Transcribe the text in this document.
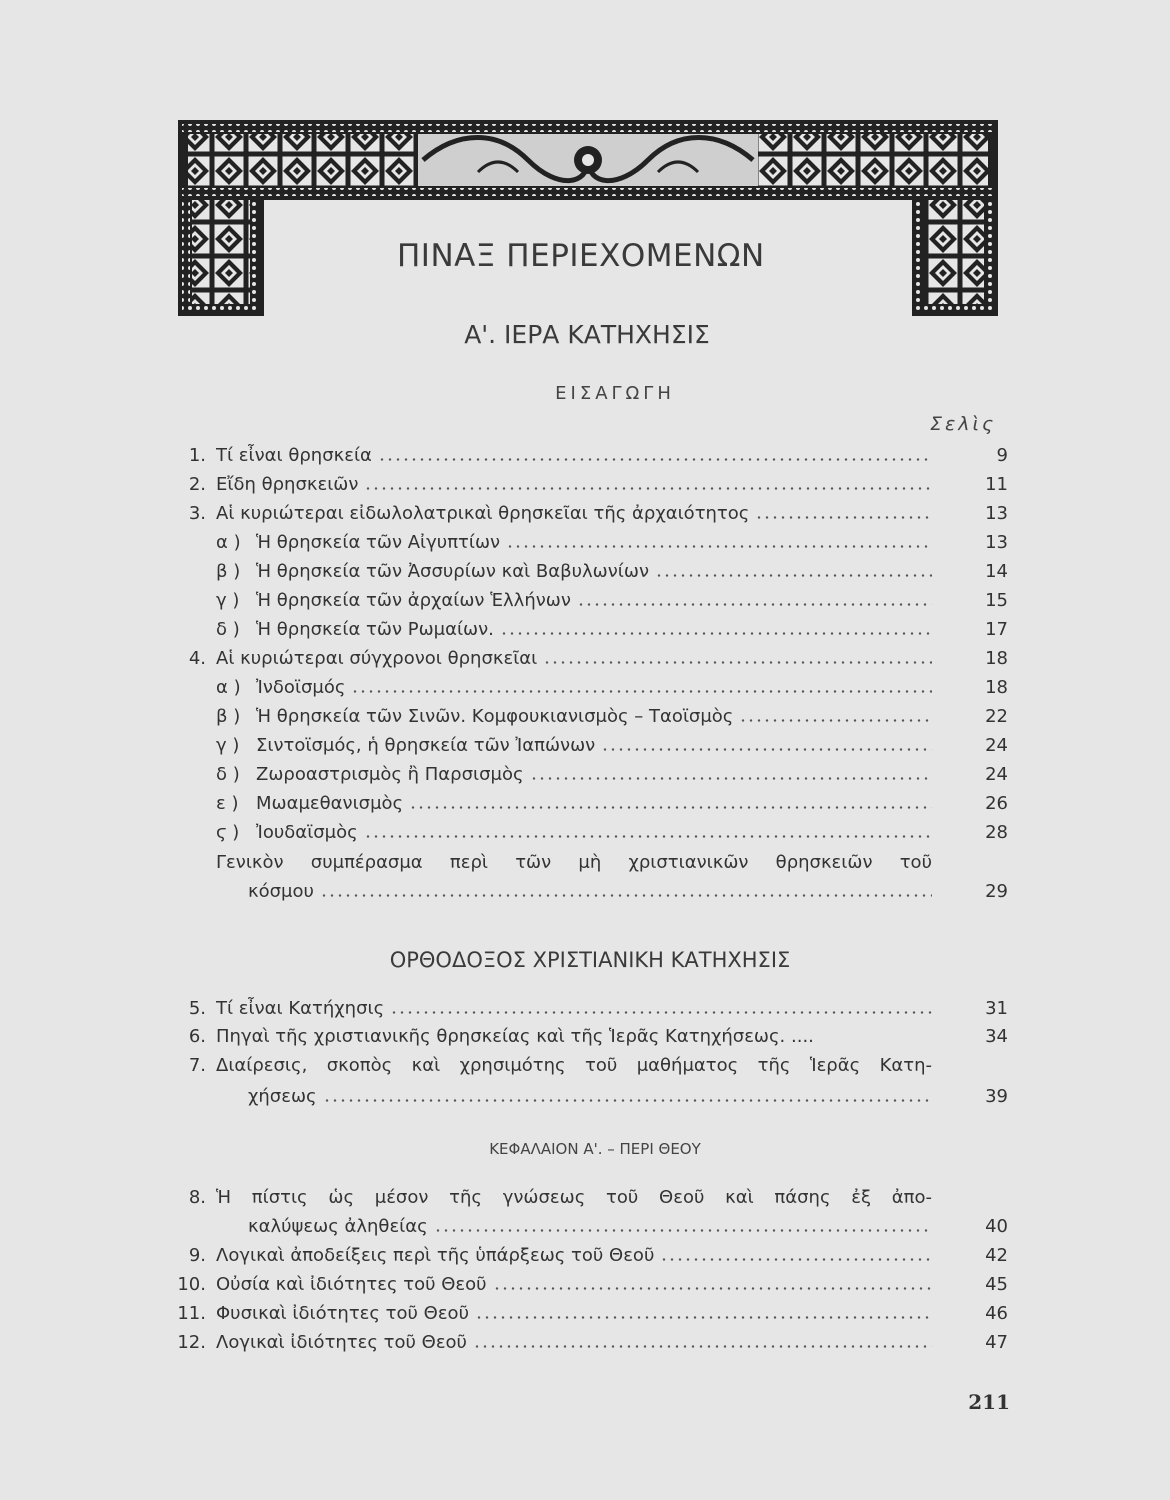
ΠΙΝΑΞ ΠΕΡΙΕΧΟΜΕΝΩΝ
Α'. ΙΕΡΑ ΚΑΤΗΧΗΣΙΣ
ΕΙΣΑΓΩΓΗ
Σελὶς
1. Τί εἶναι θρησκεία	9
2. Εἴδη θρησκειῶν	11
3. Αἱ κυριώτεραι εἰδωλολατρικαὶ θρησκεῖαι τῆς ἀρχαιότητος	13
α ) Ἡ θρησκεία τῶν Αἰγυπτίων	13
β ) Ἡ θρησκεία τῶν Ἀσσυρίων καὶ Βαβυλωνίων	14
γ ) Ἡ θρησκεία τῶν ἀρχαίων Ἑλλήνων	15
δ ) Ἡ θρησκεία τῶν Ρωμαίων.	17
4. Αἱ κυριώτεραι σύγχρονοι θρησκεῖαι	18
α ) Ἰνδοϊσμός	18
β ) Ἡ θρησκεία τῶν Σινῶν. Κομφουκιανισμὸς – Ταοϊσμὸς	22
γ ) Σιντοϊσμός, ἡ θρησκεία τῶν Ἰαπώνων	24
δ ) Ζωροαστρισμὸς ἢ Παρσισμὸς	24
ε ) Μωαμεθανισμὸς	26
ϛ ) Ἰουδαϊσμὸς	28
Γενικὸν συμπέρασμα περὶ τῶν μὴ χριστιανικῶν θρησκειῶν τοῦ
κόσμου	29
ΟΡΘΟΔΟΞΟΣ ΧΡΙΣΤΙΑΝΙΚΗ ΚΑΤΗΧΗΣΙΣ
5. Τί εἶναι Κατήχησις	31
6. Πηγαὶ τῆς χριστιανικῆς θρησκείας καὶ τῆς Ἱερᾶς Κατηχήσεως. ....	34
7. Διαίρεσις, σκοπὸς καὶ χρησιμότης τοῦ μαθήματος τῆς Ἱερᾶς Κατη-
χήσεως	39
ΚΕΦΑΛΑΙΟΝ Α'. – ΠΕΡΙ ΘΕΟΥ
8. Ἡ πίστις ὡς μέσον τῆς γνώσεως τοῦ Θεοῦ καὶ πάσης ἐξ ἀπο-
καλύψεως ἀληθείας	40
9. Λογικαὶ ἀποδείξεις περὶ τῆς ὑπάρξεως τοῦ Θεοῦ	42
10. Οὐσία καὶ ἰδιότητες τοῦ Θεοῦ	45
11. Φυσικαὶ ἰδιότητες τοῦ Θεοῦ	46
12. Λογικαὶ ἰδιότητες τοῦ Θεοῦ	47
211
